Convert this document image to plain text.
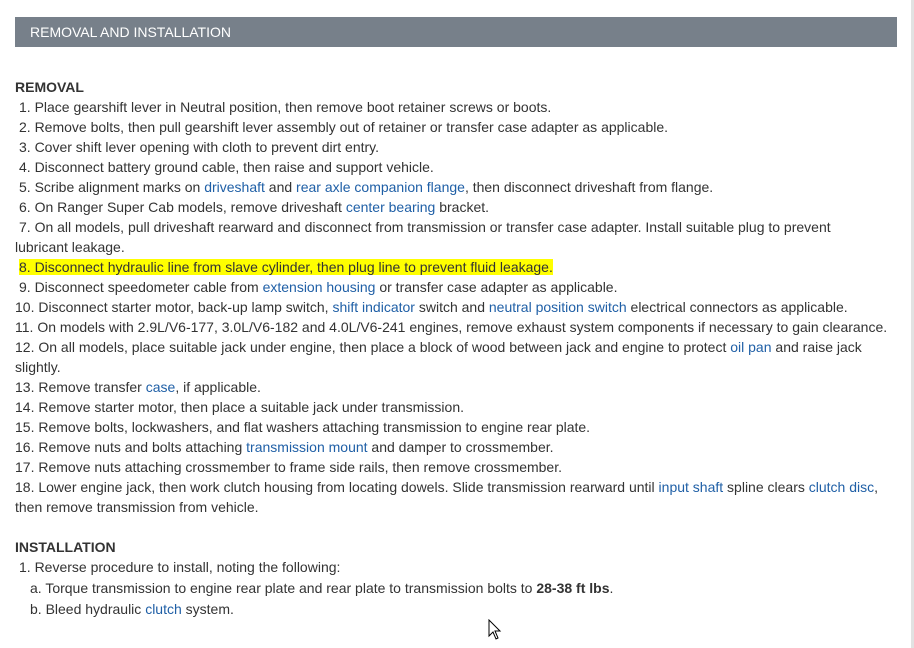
REMOVAL AND INSTALLATION

REMOVAL

1. Place gearshift lever in Neutral position, then remove boot retainer screws or boots.

2. Remove bolts, then pull gearshift lever assembly out of retainer or transfer case adapter as applicable.

3. Cover shift lever opening with cloth to prevent dirt entry.

4. Disconnect battery ground cable, then raise and support vehicle.

5. Scribe alignment marks on driveshaft and rear axle companion flange, then disconnect driveshaft from flange.

6. On Ranger Super Cab models, remove driveshaft center bearing bracket.

7. On all models, pull driveshaft rearward and disconnect from transmission or transfer case adapter. Install suitable plug to prevent

lubricant leakage.

8. Disconnect hydraulic line from slave cylinder, then plug line to prevent fluid leakage.

9. Disconnect speedometer cable from extension housing or transfer case adapter as applicable.

10. Disconnect starter motor, back-up lamp switch, shift indicator switch and neutral position switch electrical connectors as applicable.

11. On models with 2.9L/V6-177, 3.0L/V6-182 and 4.0L/V6-241 engines, remove exhaust system components if necessary to gain clearance.

12. On all models, place suitable jack under engine, then place a block of wood between jack and engine to protect oil pan and raise jack

slightly.

13. Remove transfer case, if applicable.

14. Remove starter motor, then place a suitable jack under transmission.

15. Remove bolts, lockwashers, and flat washers attaching transmission to engine rear plate.

16. Remove nuts and bolts attaching transmission mount and damper to crossmember.

17. Remove nuts attaching crossmember to frame side rails, then remove crossmember.

18. Lower engine jack, then work clutch housing from locating dowels. Slide transmission rearward until input shaft spline clears clutch disc,

then remove transmission from vehicle.

INSTALLATION

1. Reverse procedure to install, noting the following:

a. Torque transmission to engine rear plate and rear plate to transmission bolts to 28-38 ft lbs.

b. Bleed hydraulic clutch system.
